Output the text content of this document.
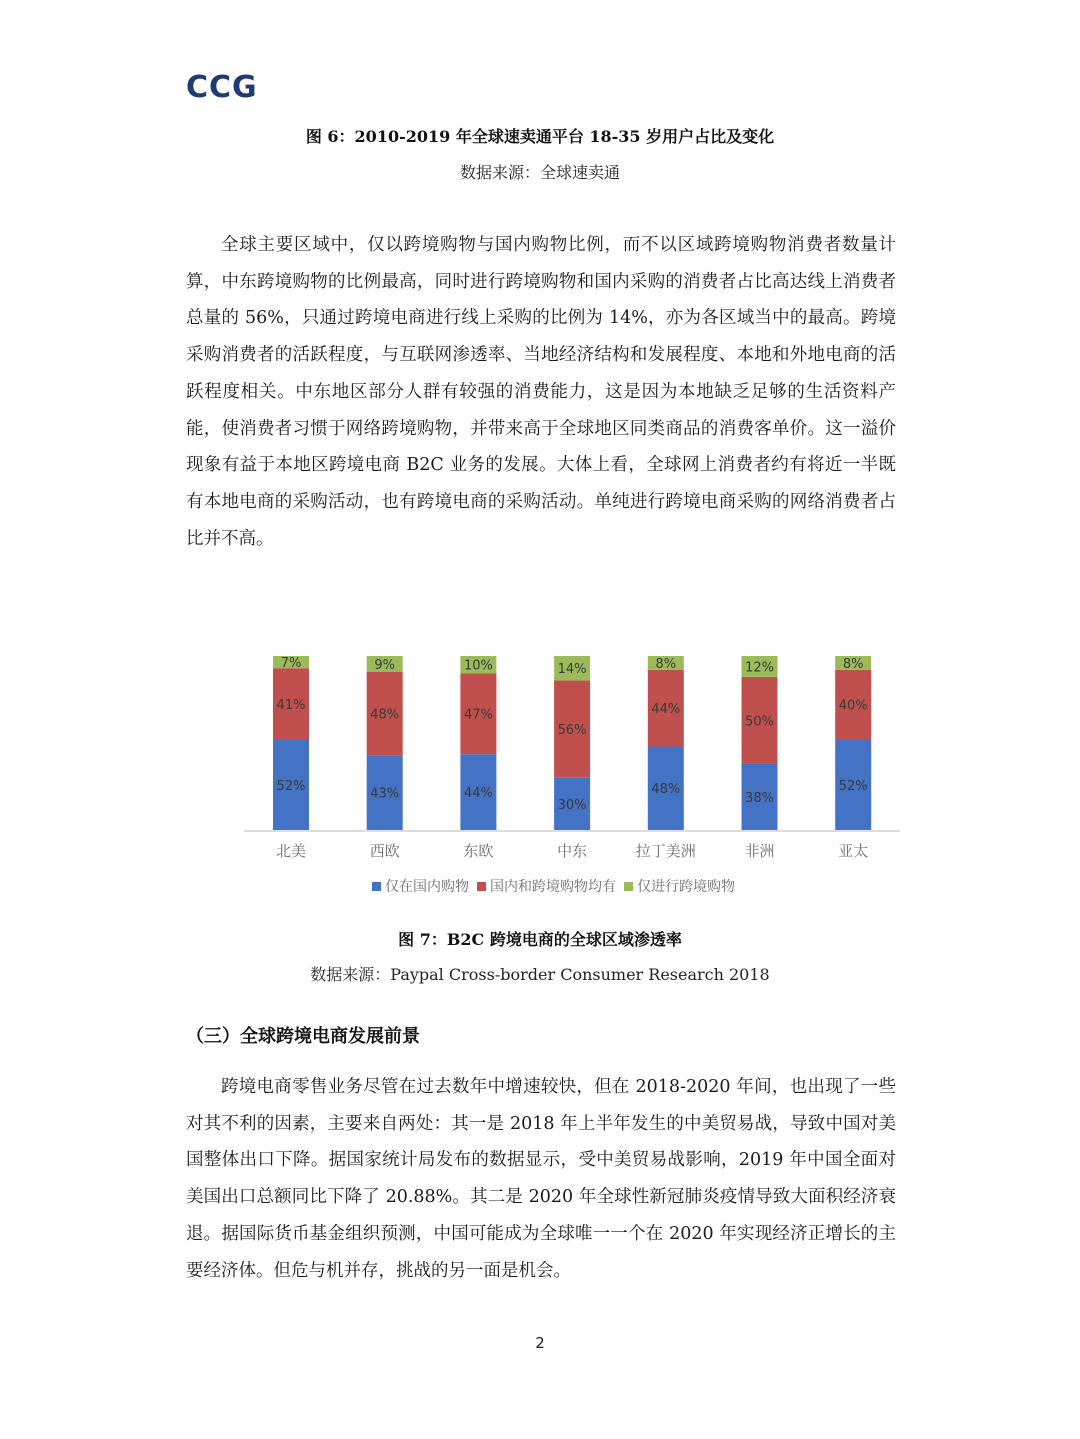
CCG
图 6：2010-2019 年全球速卖通平台 18-35 岁用户占比及变化
数据来源：全球速卖通

全球主要区域中，仅以跨境购物与国内购物比例，而不以区域跨境购物消费者数量计算，中东跨境购物的比例最高，同时进行跨境购物和国内采购的消费者占比高达线上消费者总量的 56%，只通过跨境电商进行线上采购的比例为 14%，亦为各区域当中的最高。跨境采购消费者的活跃程度，与互联网渗透率、当地经济结构和发展程度、本地和外地电商的活跃程度相关。中东地区部分人群有较强的消费能力，这是因为本地缺乏足够的生活资料产能，使消费者习惯于网络跨境购物，并带来高于全球地区同类商品的消费客单价。这一溢价现象有益于本地区跨境电商 B2C 业务的发展。大体上看，全球网上消费者约有将近一半既有本地电商的采购活动，也有跨境电商的采购活动。单纯进行跨境电商采购的网络消费者占比并不高。

52%
41%
7%
北美
43%
48%
9%
西欧
44%
47%
10%
东欧
30%
56%
14%
中东
48%
44%
8%
拉丁美洲
38%
50%
12%
非洲
52%
40%
8%
亚太
仅在国内购物 国内和跨境购物均有 仅进行跨境购物
图 7：B2C 跨境电商的全球区域渗透率
数据来源：Paypal Cross-border Consumer Research 2018
（三）全球跨境电商发展前景

跨境电商零售业务尽管在过去数年中增速较快，但在 2018-2020 年间，也出现了一些对其不利的因素，主要来自两处：其一是 2018 年上半年发生的中美贸易战，导致中国对美国整体出口下降。据国家统计局发布的数据显示，受中美贸易战影响，2019 年中国全面对美国出口总额同比下降了 20.88%。其二是 2020 年全球性新冠肺炎疫情导致大面积经济衰退。据国际货币基金组织预测，中国可能成为全球唯一一个在 2020 年实现经济正增长的主要经济体。但危与机并存，挑战的另一面是机会。

2
